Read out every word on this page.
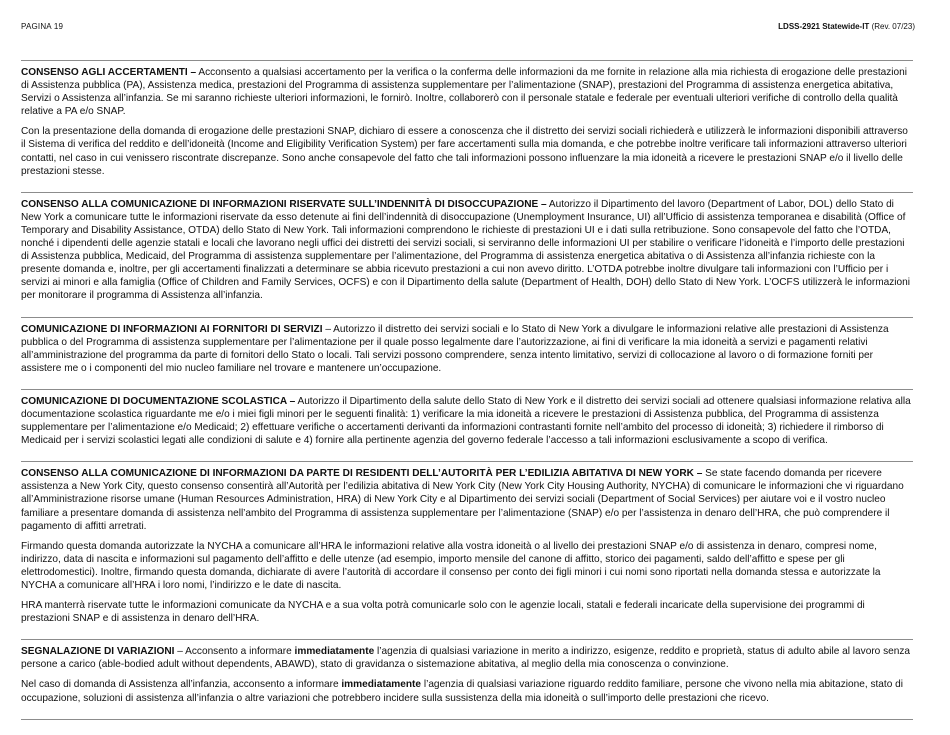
PAGINA 19	LDSS-2921 Statewide-IT (Rev. 07/23)

CONSENSO AGLI ACCERTAMENTI – Acconsento a qualsiasi accertamento per la verifica o la conferma delle informazioni da me fornite in relazione alla mia richiesta di erogazione delle prestazioni di Assistenza pubblica (PA), Assistenza medica, prestazioni del Programma di assistenza supplementare per l’alimentazione (SNAP), prestazioni del Programma di assistenza energetica abitativa, Servizi o Assistenza all’infanzia. Se mi saranno richieste ulteriori informazioni, le fornirò. Inoltre, collaborerò con il personale statale e federale per eventuali ulteriori verifiche di controllo della qualità relative a PA e/o SNAP.

Con la presentazione della domanda di erogazione delle prestazioni SNAP, dichiaro di essere a conoscenza che il distretto dei servizi sociali richiederà e utilizzerà le informazioni disponibili attraverso il Sistema di verifica del reddito e dell’idoneità (Income and Eligibility Verification System) per fare accertamenti sulla mia domanda, e che potrebbe inoltre verificare tali informazioni attraverso ulteriori contatti, nel caso in cui venissero riscontrate discrepanze. Sono anche consapevole del fatto che tali informazioni possono influenzare la mia idoneità a ricevere le prestazioni SNAP e/o il livello delle prestazioni stesse.

CONSENSO ALLA COMUNICAZIONE DI INFORMAZIONI RISERVATE SULL’INDENNITÀ DI DISOCCUPAZIONE – Autorizzo il Dipartimento del lavoro (Department of Labor, DOL) dello Stato di New York a comunicare tutte le informazioni riservate da esso detenute ai fini dell’indennità di disoccupazione (Unemployment Insurance, UI) all’Ufficio di assistenza temporanea e disabilità (Office of Temporary and Disability Assistance, OTDA) dello Stato di New York. Tali informazioni comprendono le richieste di prestazioni UI e i dati sulla retribuzione. Sono consapevole del fatto che l’OTDA, nonché i dipendenti delle agenzie statali e locali che lavorano negli uffici dei distretti dei servizi sociali, si serviranno delle informazioni UI per stabilire o verificare l’idoneità e l’importo delle prestazioni di Assistenza pubblica, Medicaid, del Programma di assistenza supplementare per l’alimentazione, del Programma di assistenza energetica abitativa o di Assistenza all’infanzia richieste con la presente domanda e, inoltre, per gli accertamenti finalizzati a determinare se abbia ricevuto prestazioni a cui non avevo diritto. L’OTDA potrebbe inoltre divulgare tali informazioni con l’Ufficio per i servizi ai minori e alla famiglia (Office of Children and Family Services, OCFS) e con il Dipartimento della salute (Department of Health, DOH) dello Stato di New York. L’OCFS utilizzerà le informazioni per monitorare il programma di Assistenza all’infanzia.

COMUNICAZIONE DI INFORMAZIONI AI FORNITORI DI SERVIZI – Autorizzo il distretto dei servizi sociali e lo Stato di New York a divulgare le informazioni relative alle prestazioni di Assistenza pubblica o del Programma di assistenza supplementare per l’alimentazione per il quale posso legalmente dare l’autorizzazione, ai fini di verificare la mia idoneità a servizi e pagamenti relativi all’amministrazione del programma da parte di fornitori dello Stato o locali. Tali servizi possono comprendere, senza intento limitativo, servizi di collocazione al lavoro o di formazione forniti per assistere me o i componenti del mio nucleo familiare nel trovare e mantenere un’occupazione.

COMUNICAZIONE DI DOCUMENTAZIONE SCOLASTICA – Autorizzo il Dipartimento della salute dello Stato di New York e il distretto dei servizi sociali ad ottenere qualsiasi informazione relativa alla documentazione scolastica riguardante me e/o i miei figli minori per le seguenti finalità: 1) verificare la mia idoneità a ricevere le prestazioni di Assistenza pubblica, del Programma di assistenza supplementare per l’alimentazione e/o Medicaid; 2) effettuare verifiche o accertamenti derivanti da informazioni contrastanti fornite nell’ambito del processo di idoneità; 3) richiedere il rimborso di Medicaid per i servizi scolastici legati alle condizioni di salute e 4) fornire alla pertinente agenzia del governo federale l’accesso a tali informazioni esclusivamente a scopo di verifica.

CONSENSO ALLA COMUNICAZIONE DI INFORMAZIONI DA PARTE DI RESIDENTI DELL’AUTORITÀ PER L’EDILIZIA ABITATIVA DI NEW YORK – Se state facendo domanda per ricevere assistenza a New York City, questo consenso consentirà all’Autorità per l’edilizia abitativa di New York City (New York City Housing Authority, NYCHA) di comunicare le informazioni che vi riguardano all’Amministrazione risorse umane (Human Resources Administration, HRA) di New York City e al Dipartimento dei servizi sociali (Department of Social Services) per aiutare voi e il vostro nucleo familiare a presentare domanda di assistenza nell’ambito del Programma di assistenza supplementare per l’alimentazione (SNAP) e/o per l’assistenza in denaro dell’HRA, che può comprendere il pagamento di affitti arretrati.

Firmando questa domanda autorizzate la NYCHA a comunicare all’HRA le informazioni relative alla vostra idoneità o al livello dei prestazioni SNAP e/o di assistenza in denaro, compresi nome, indirizzo, data di nascita e informazioni sul pagamento dell’affitto e delle utenze (ad esempio, importo mensile del canone di affitto, storico dei pagamenti, saldo dell’affitto e spese per gli elettrodomestici). Inoltre, firmando questa domanda, dichiarate di avere l’autorità di accordare il consenso per conto dei figli minori i cui nomi sono riportati nella domanda stessa e autorizzate la NYCHA a comunicare all’HRA i loro nomi, l’indirizzo e le date di nascita.

HRA manterrà riservate tutte le informazioni comunicate da NYCHA e a sua volta potrà comunicarle solo con le agenzie locali, statali e federali incaricate della supervisione dei programmi di prestazioni SNAP e di assistenza in denaro dell’HRA.

SEGNALAZIONE DI VARIAZIONI – Acconsento a informare immediatamente l’agenzia di qualsiasi variazione in merito a indirizzo, esigenze, reddito e proprietà, status di adulto abile al lavoro senza persone a carico (able-bodied adult without dependents, ABAWD), stato di gravidanza o sistemazione abitativa, al meglio della mia conoscenza o convinzione.

Nel caso di domanda di Assistenza all’infanzia, acconsento a informare immediatamente l’agenzia di qualsiasi variazione riguardo reddito familiare, persone che vivono nella mia abitazione, stato di occupazione, soluzioni di assistenza all’infanzia o altre variazioni che potrebbero incidere sulla sussistenza della mia idoneità o sull’importo delle prestazioni che ricevo.
